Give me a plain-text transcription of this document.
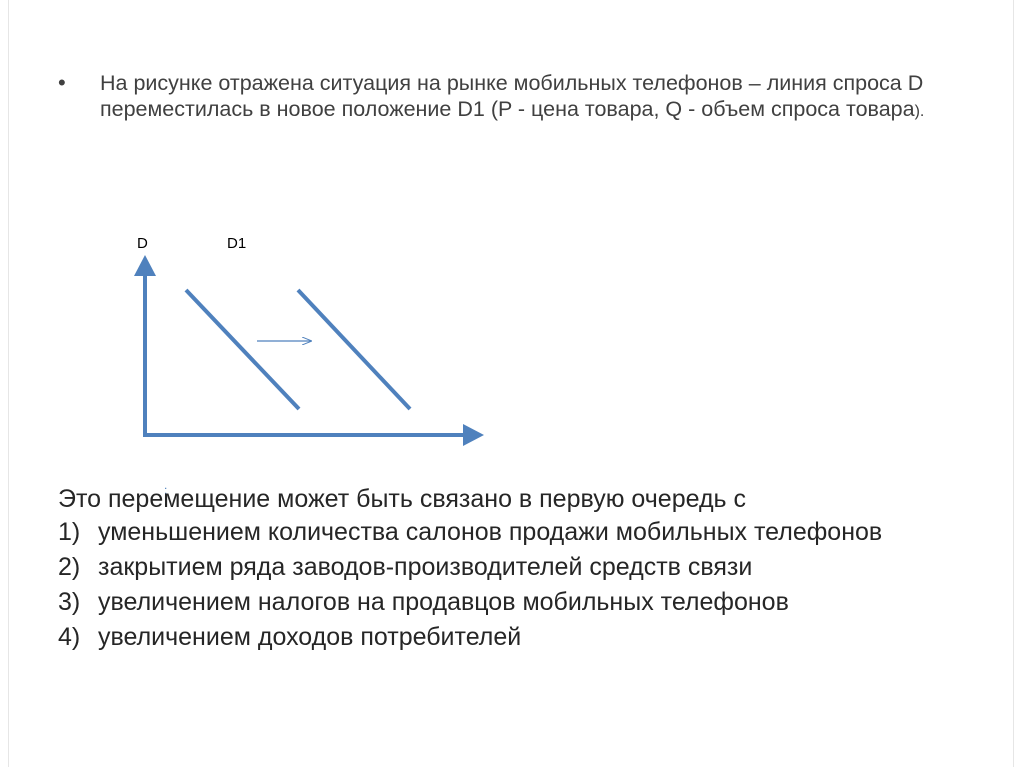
•	На рисунке отражена ситуация на рынке мобильных телефонов – линия спроса D переместилась в новое положение D1 (P - цена товара, Q - объем спроса товара).

D	D1

Это перемещение может быть связано в первую очередь с

1) уменьшением количества салонов продажи мобильных телефонов
2) закрытием ряда заводов-производителей средств связи
3) увеличением налогов на продавцов мобильных телефонов
4) увеличением доходов потребителей
